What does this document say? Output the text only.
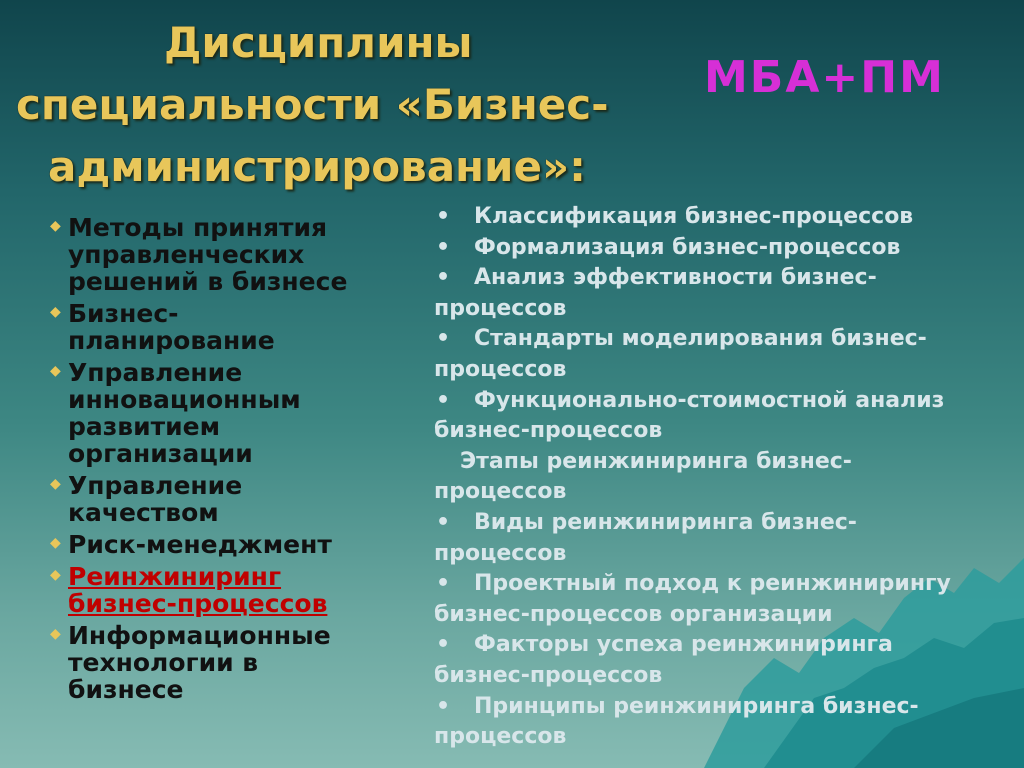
Дисциплины
специальности «Бизнес-
администрирование»:
МБА+ПМ
◆ Методы принятия
управленческих
решений в бизнесе
◆ Бизнес-
планирование
◆ Управление
инновационным
развитием
организации
◆ Управление
качеством
◆ Риск-менеджмент
◆ Реинжиниринг
бизнес-процессов
◆ Информационные
технологии в
бизнесе
• Классификация бизнес-процессов
• Формализация бизнес-процессов
• Анализ эффективности бизнес-
процессов
• Стандарты моделирования бизнес-
процессов
• Функционально-стоимостной анализ
бизнес-процессов
Этапы реинжиниринга бизнес-
процессов
• Виды реинжиниринга бизнес-
процессов
• Проектный подход к реинжинирингу
бизнес-процессов организации
• Факторы успеха реинжиниринга
бизнес-процессов
• Принципы реинжиниринга бизнес-
процессов
